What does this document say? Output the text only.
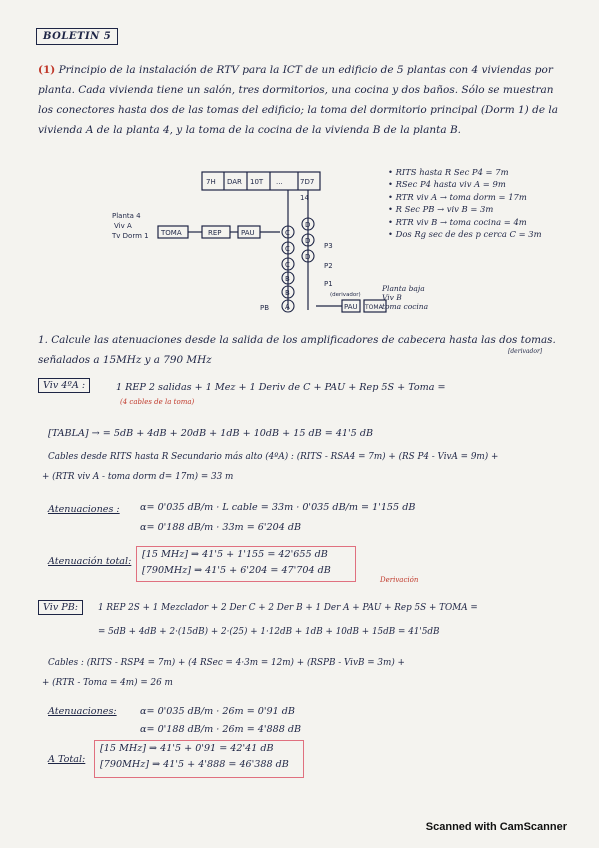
BOLETIN 5
(1) Principio de la instalación de RTV para la ICT de un edificio de 5 plantas con 4 viviendas por planta. Cada vivienda tiene un salón, tres dormitorios, una cocina y dos baños. Sólo se muestran los conectores hasta dos de las tomas del edificio; la toma del dormitorio principal (Dorm 1) de la vivienda A de la planta 4, y la toma de la cocina de la vivienda B de la planta B.
7H DAR 10T ... 7D7
14
Planta 4
Viv A
Tv Dorm 1 TOMA	REP	PAU	C
C
C
B
B
A
D
D
D
P3
P2
P1
PB
(derivador)
PAU TOMA
Planta baja
Viv B
toma cocina
• RITS hasta R Sec P4 = 7m
• RSec P4 hasta viv A = 9m
• RTR viv A → toma dorm = 17m
• R Sec PB → viv B = 3m
• RTR viv B → toma cocina = 4m
• Dos Rg sec de des p cerca C = 3m
1. Calcule las atenuaciones desde la salida de los amplificadores de cabecera hasta las dos tomas.
señalados a 15MHz y a 790 MHz
[derivador]
Viv 4ºA :	1 REP 2 salidas + 1 Mez + 1 Deriv de C + PAU + Rep 5S + Toma =
(4 cables de la toma)
[TABLA] → = 5dB + 4dB + 20dB + 1dB + 10dB + 15 dB = 41'5 dB
Cables desde RITS hasta R Secundario más alto (4ºA) : (RITS - RSA4 = 7m) + (RS P4 - VivA = 9m) +
+ (RTR viv A - toma dorm d= 17m) = 33 m
Atenuaciones : α= 0'035 dB/m · L cable = 33m · 0'035 dB/m = 1'155 dB
α= 0'188 dB/m · 33m = 6'204 dB
Atenuación total:
[15 MHz] ⇒ 41'5 + 1'155 = 42'655 dB
[790MHz] ⇒ 41'5 + 6'204 = 47'704 dB
Derivación
Viv PB:	1 REP 2S + 1 Mezclador + 2 Der C + 2 Der B + 1 Der A + PAU + Rep 5S + TOMA =
= 5dB + 4dB + 2·(15dB) + 2·(25) + 1·12dB + 1dB + 10dB + 15dB = 41'5dB
Cables : (RITS - RSP4 = 7m) + (4 RSec = 4·3m = 12m) + (RSPB - VivB = 3m) +
+ (RTR - Toma = 4m) = 26 m
Atenuaciones: α= 0'035 dB/m · 26m = 0'91 dB
α= 0'188 dB/m · 26m = 4'888 dB
A Total:
[15 MHz] ⇒ 41'5 + 0'91 = 42'41 dB
[790MHz] ⇒ 41'5 + 4'888 = 46'388 dB
Scanned with CamScanner
